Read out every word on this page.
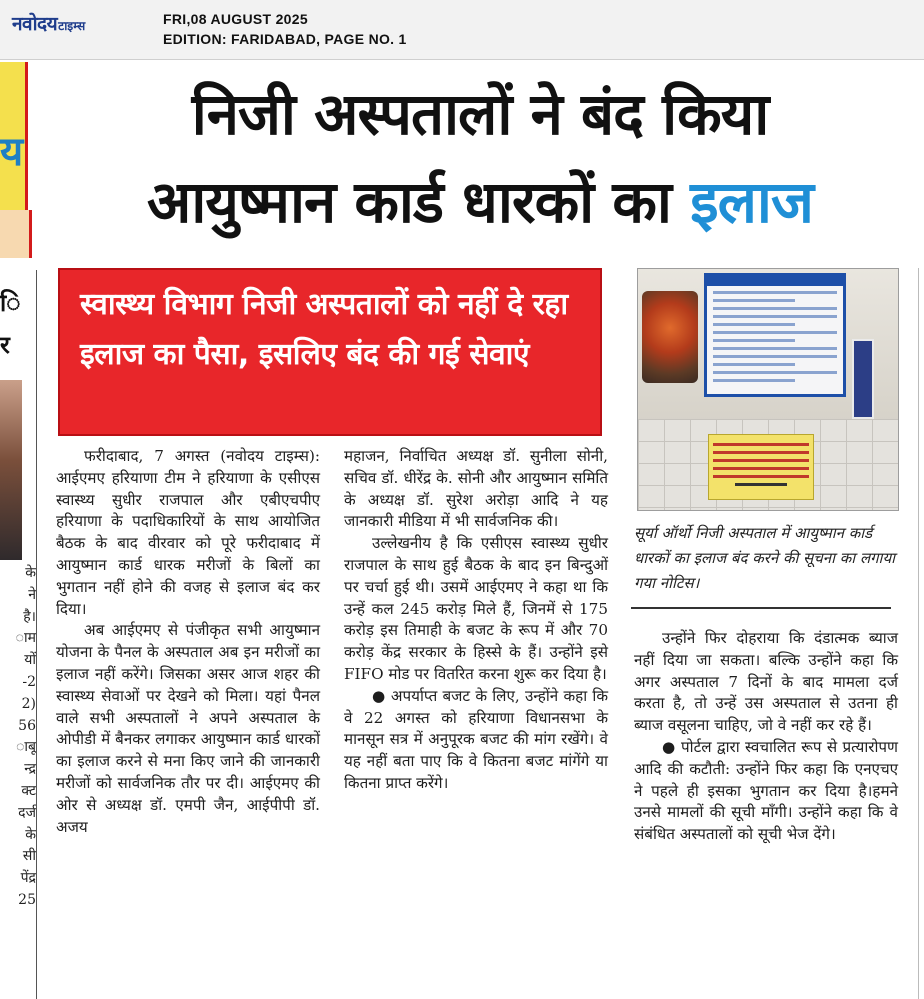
नवोदय टाइम्स	FRI,08 AUGUST 2025
EDITION: FARIDABAD, PAGE NO. 1
य
ि
र
के
ने
है।
ाम
यों
-2
2)
56
ाबू
न्द्र
क्ट
दर्ज
के
सी
पेंद्र
25
निजी अस्पतालों ने बंद किया
आयुष्मान कार्ड धारकों का इलाज

स्वास्थ्य विभाग निजी अस्पतालों को नहीं दे रहा इलाज का पैसा, इसलिए बंद की गई सेवाएं

फरीदाबाद, 7 अगस्त (नवोदय टाइम्स): आईएमए हरियाणा टीम ने हरियाणा के एसीएस स्वास्थ्य सुधीर राजपाल और एबीएचपीए हरियाणा के पदाधिकारियों के साथ आयोजित बैठक के बाद वीरवार को पूरे फरीदाबाद में आयुष्मान कार्ड धारक मरीजों के बिलों का भुगतान नहीं होने की वजह से इलाज बंद कर दिया।

अब आईएमए से पंजीकृत सभी आयुष्मान योजना के पैनल के अस्पताल अब इन मरीजों का इलाज नहीं करेंगे। जिसका असर आज शहर की स्वास्थ्य सेवाओं पर देखने को मिला। यहां पैनल वाले सभी अस्पतालों ने अपने अस्पताल के ओपीडी में बैनकर लगाकर आयुष्मान कार्ड धारकों का इलाज करने से मना किए जाने की जानकारी मरीजों को सार्वजनिक तौर पर दी। आईएमए की ओर से अध्यक्ष डॉ. एमपी जैन, आईपीपी डॉ. अजय

महाजन, निर्वाचित अध्यक्ष डॉ. सुनीला सोनी, सचिव डॉ. धीरेंद्र के. सोनी और आयुष्मान समिति के अध्यक्ष डॉ. सुरेश अरोड़ा आदि ने यह जानकारी मीडिया में भी सार्वजनिक की।

उल्लेखनीय है कि एसीएस स्वास्थ्य सुधीर राजपाल के साथ हुई बैठक के बाद इन बिन्दुओं पर चर्चा हुई थी। उसमें आईएमए ने कहा था कि उन्हें कल 245 करोड़ मिले हैं, जिनमें से 175 करोड़ इस तिमाही के बजट के रूप में और 70 करोड़ केंद्र सरकार के हिस्से के हैं। उन्होंने इसे FIFO मोड पर वितरित करना शुरू कर दिया है।

● अपर्याप्त बजट के लिए, उन्होंने कहा कि वे 22 अगस्त को हरियाणा विधानसभा के मानसून सत्र में अनुपूरक बजट की मांग रखेंगे। वे यह नहीं बता पाए कि वे कितना बजट मांगेंगे या कितना प्राप्त करेंगे।

सूर्या ऑर्थो निजी अस्पताल में आयुष्मान कार्ड धारकों का इलाज बंद करने की सूचना का लगाया गया नोटिस।

उन्होंने फिर दोहराया कि दंडात्मक ब्याज नहीं दिया जा सकता। बल्कि उन्होंने कहा कि अगर अस्पताल 7 दिनों के बाद मामला दर्ज करता है, तो उन्हें उस अस्पताल से उतना ही ब्याज वसूलना चाहिए, जो वे नहीं कर रहे हैं।

● पोर्टल द्वारा स्वचालित रूप से प्रत्यारोपण आदि की कटौती: उन्होंने फिर कहा कि एनएचए ने पहले ही इसका भुगतान कर दिया है।हमने उनसे मामलों की सूची माँगी। उन्होंने कहा कि वे संबंधित अस्पतालों को सूची भेज देंगे।
